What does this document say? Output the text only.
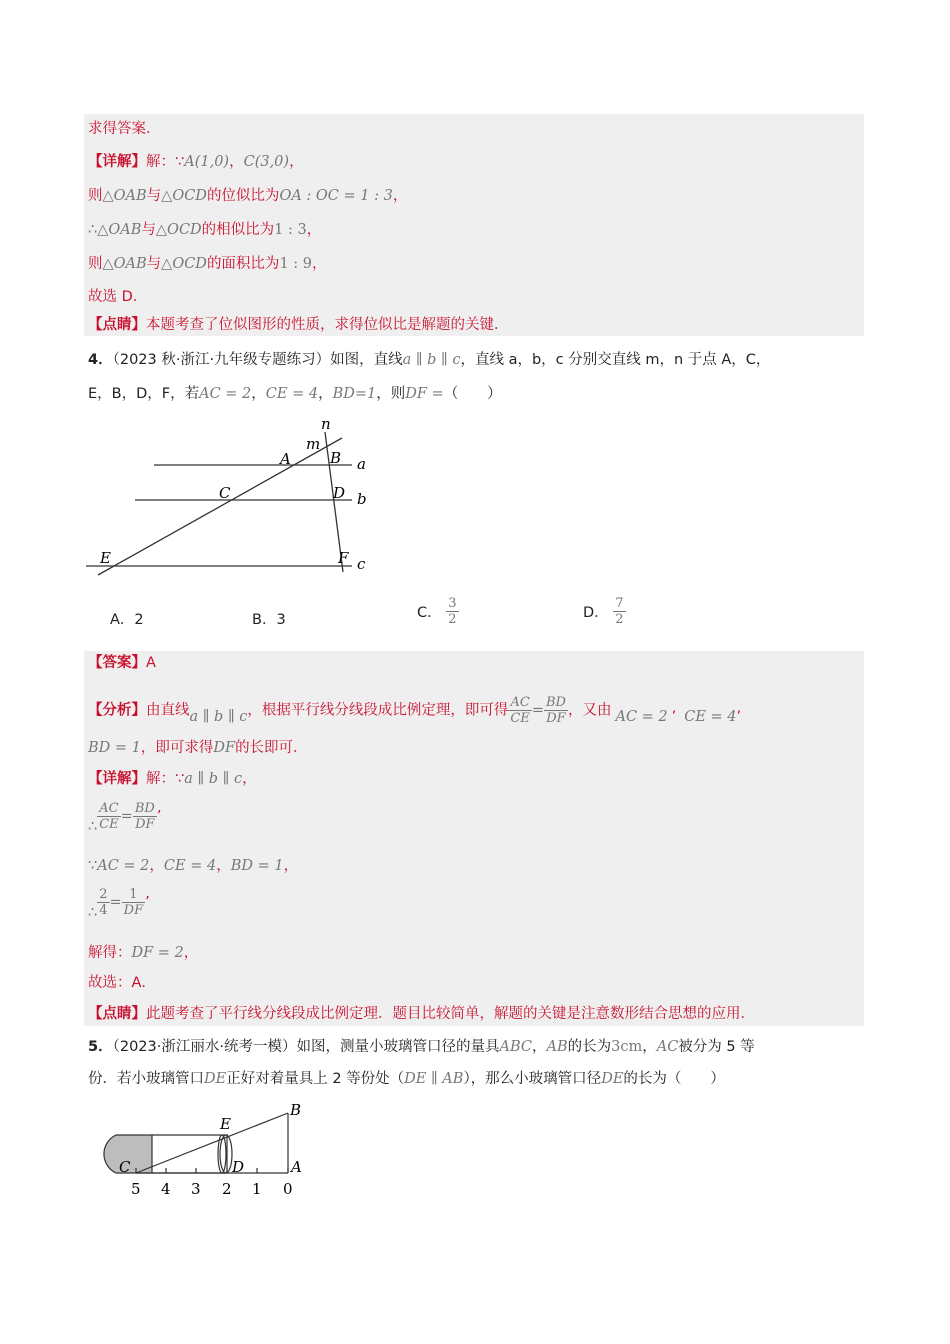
求得答案．
【详解】解：∵A(1,0)，C(3,0)，
则△OAB与△OCD的位似比为OA : OC = 1 : 3，
∴△OAB与△OCD的相似比为1 : 3，
则△OAB与△OCD的面积比为1 : 9，
故选 D．
【点睛】本题考查了位似图形的性质，求得位似比是解题的关键．
4．（2023 秋·浙江·九年级专题练习）如图，直线a ∥ b ∥ c，直线 a，b，c 分别交直线 m，n 于点 A，C，
E，B，D，F，若AC = 2，CE = 4，BD=1，则DF =（　　）
n
m
A	B a
C	D b
E	F c
A．2	B．3	C． $\frac{3}{2}$	D． $\frac{7}{2}$
【答案】A
【分析】由直线a ∥ b ∥ c，根据平行线分线段成比例定理，即可得 $\frac{AC}{CE} = \frac{BD}{DF}$ ，又由 AC = 2 ’ CE = 4’
BD = 1，即可求得DF的长即可．
【详解】解：∵a ∥ b ∥ c，
∴ $\frac{AC}{CE} = \frac{BD}{DF}$ ’
∵AC = 2，CE = 4，BD = 1，
∴ $\frac{2}{4} = \frac{1}{DF}$ ’
解得：DF = 2，
故选：A．
【点睛】此题考查了平行线分线段成比例定理．题目比较简单，解题的关键是注意数形结合思想的应用．
5．（2023·浙江丽水·统考一模）如图，测量小玻璃管口径的量具ABC，AB的长为3cm，AC被分为 5 等
份．若小玻璃管口DE正好对着量具上 2 等份处（DE ∥ AB），那么小玻璃管口径DE的长为（　　）
B
E
C	D	A
5 4 3 2 1 0
